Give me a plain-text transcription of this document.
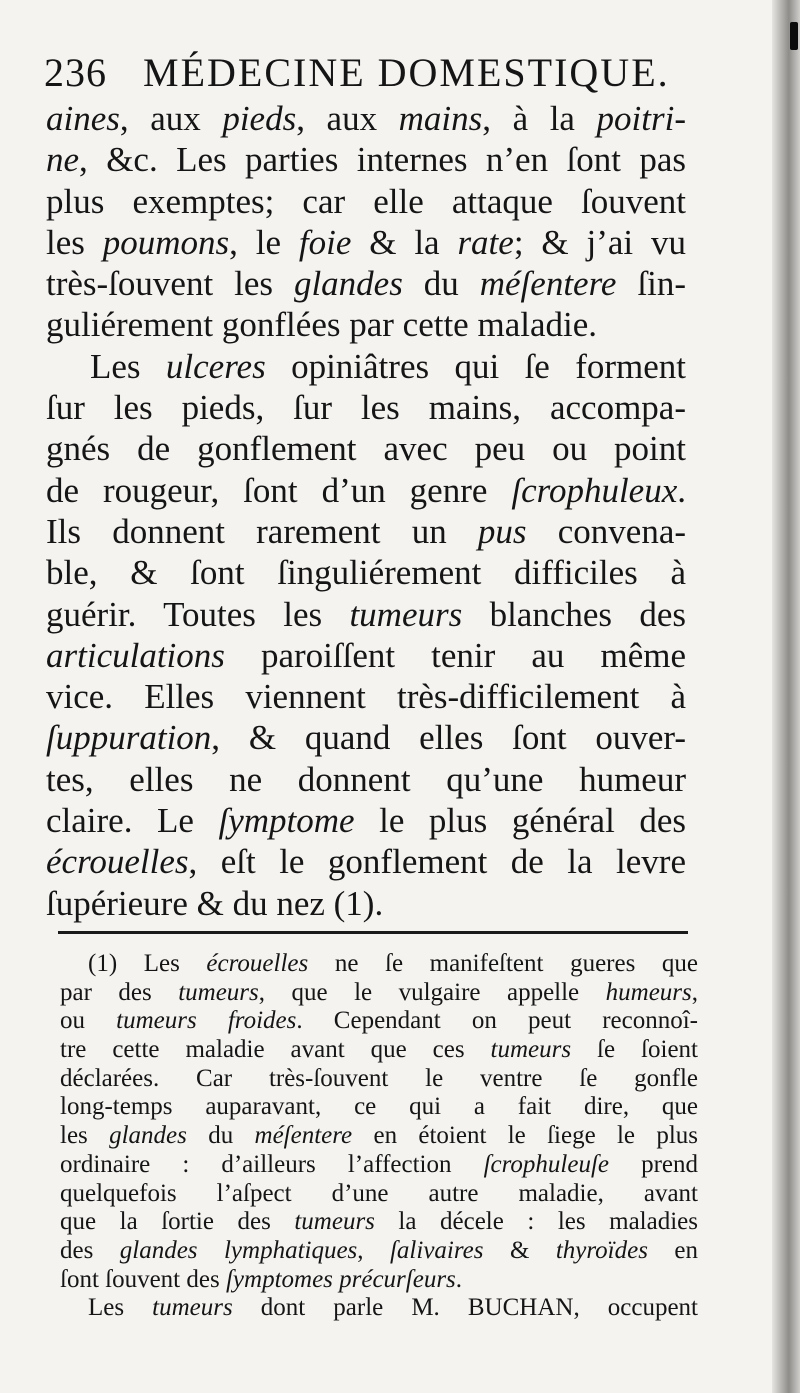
236 MÉDECINE DOMESTIQUE.
aines, aux pieds, aux mains, à la poitri-
ne, &c. Les parties internes n’en ſont pas
plus exemptes; car elle attaque ſouvent
les poumons, le foie & la rate; & j’ai vu
très-ſouvent les glandes du méſentere ſin-
guliérement gonflées par cette maladie.
Les ulceres opiniâtres qui ſe forment
ſur les pieds, ſur les mains, accompa-
gnés de gonflement avec peu ou point
de rougeur, ſont d’un genre ſcrophuleux.
Ils donnent rarement un pus convena-
ble, & ſont ſinguliérement difficiles à
guérir. Toutes les tumeurs blanches des
articulations paroiſſent tenir au même
vice. Elles viennent très-difficilement à
ſuppuration, & quand elles ſont ouver-
tes, elles ne donnent qu’une humeur
claire. Le ſymptome le plus général des
écrouelles, eſt le gonflement de la levre
ſupérieure & du nez (1).
(1) Les écrouelles ne ſe manifeſtent gueres que
par des tumeurs, que le vulgaire appelle humeurs,
ou tumeurs froides. Cependant on peut reconnoî-
tre cette maladie avant que ces tumeurs ſe ſoient
déclarées. Car très-ſouvent le ventre ſe gonfle
long-temps auparavant, ce qui a fait dire, que
les glandes du méſentere en étoient le ſiege le plus
ordinaire : d’ailleurs l’affection ſcrophuleuſe prend
quelquefois l’aſpect d’une autre maladie, avant
que la ſortie des tumeurs la décele : les maladies
des glandes lymphatiques, ſalivaires & thyroïdes en
ſont ſouvent des ſymptomes précurſeurs.
Les tumeurs dont parle M. BUCHAN, occupent
